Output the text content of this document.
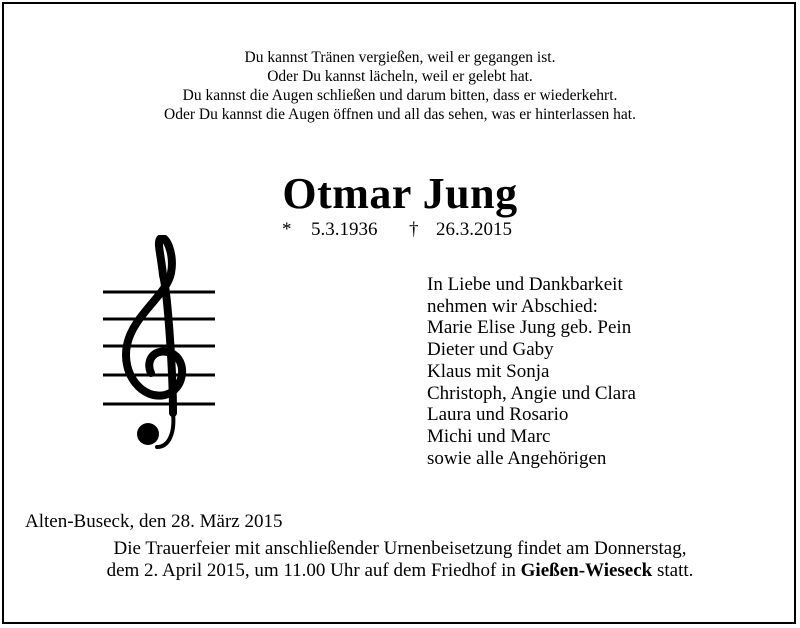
Du kannst Tränen vergießen, weil er gegangen ist.
Oder Du kannst lächeln, weil er gelebt hat.
Du kannst die Augen schließen und darum bitten, dass er wiederkehrt.
Oder Du kannst die Augen öffnen und all das sehen, was er hinterlassen hat.
Otmar Jung
* 5.3.1936 † 26.3.2015
In Liebe und Dankbarkeit
nehmen wir Abschied:
Marie Elise Jung geb. Pein
Dieter und Gaby
Klaus mit Sonja
Christoph, Angie und Clara
Laura und Rosario
Michi und Marc
sowie alle Angehörigen
Alten-Buseck, den 28. März 2015
Die Trauerfeier mit anschließender Urnenbeisetzung findet am Donnerstag,
dem 2. April 2015, um 11.00 Uhr auf dem Friedhof in Gießen-Wieseck statt.
